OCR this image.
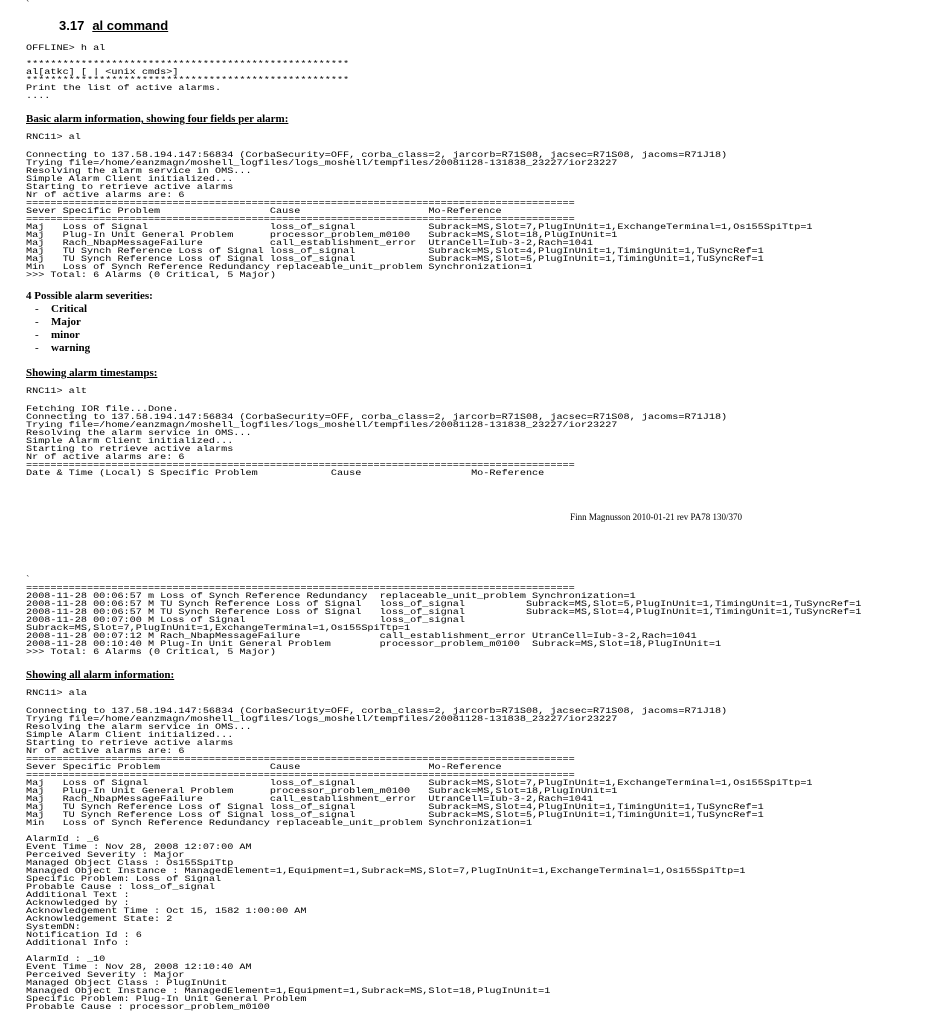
`
3.17 al command
OFFLINE> h al

*****************************************************
al[atkc] [ | <unix cmds>]
*****************************************************
Print the list of active alarms.
....
Basic alarm information, showing four fields per alarm:
RNC11> al
Connecting to 137.58.194.147:56834 (CorbaSecurity=OFF, corba_class=2, jarcorb=R71S08, jacsec=R71S08, jacoms=R71J18)
Trying file=/home/eanzmagn/moshell_logfiles/logs_moshell/tempfiles/20081128-131838_23227/ior23227
Resolving the alarm service in OMS...
Simple Alarm Client initialized...
Starting to retrieve active alarms
Nr of active alarms are: 6
==========================================================================================
Sever Specific Problem                  Cause                     Mo-Reference
==========================================================================================
Maj   Loss of Signal                    loss_of_signal            Subrack=MS,Slot=7,PlugInUnit=1,ExchangeTerminal=1,Os155SpiTtp=1
Maj   Plug-In Unit General Problem      processor_problem_m0100   Subrack=MS,Slot=18,PlugInUnit=1
Maj   Rach_NbapMessageFailure           call_establishment_error  UtranCell=Iub-3-2,Rach=1041
Maj   TU Synch Reference Loss of Signal loss_of_signal            Subrack=MS,Slot=4,PlugInUnit=1,TimingUnit=1,TuSyncRef=1
Maj   TU Synch Reference Loss of Signal loss_of_signal            Subrack=MS,Slot=5,PlugInUnit=1,TimingUnit=1,TuSyncRef=1
Min   Loss of Synch Reference Redundancy replaceable_unit_problem Synchronization=1
>>> Total: 6 Alarms (0 Critical, 5 Major)
4 Possible alarm severities:
- Critical
- Major
- minor
- warning
Showing alarm timestamps:
RNC11> alt
Fetching IOR file...Done.
Connecting to 137.58.194.147:56834 (CorbaSecurity=OFF, corba_class=2, jarcorb=R71S08, jacsec=R71S08, jacoms=R71J18)
Trying file=/home/eanzmagn/moshell_logfiles/logs_moshell/tempfiles/20081128-131838_23227/ior23227
Resolving the alarm service in OMS...
Simple Alarm Client initialized...
Starting to retrieve active alarms
Nr of active alarms are: 6
==========================================================================================
Date & Time (Local) S Specific Problem            Cause                  Mo-Reference
Finn Magnusson 2010-01-21 rev PA78 130/370
`
==========================================================================================
2008-11-28 00:06:57 m Loss of Synch Reference Redundancy  replaceable_unit_problem Synchronization=1
2008-11-28 00:06:57 M TU Synch Reference Loss of Signal   loss_of_signal          Subrack=MS,Slot=5,PlugInUnit=1,TimingUnit=1,TuSyncRef=1
2008-11-28 00:06:57 M TU Synch Reference Loss of Signal   loss_of_signal          Subrack=MS,Slot=4,PlugInUnit=1,TimingUnit=1,TuSyncRef=1
2008-11-28 00:07:00 M Loss of Signal                      loss_of_signal
Subrack=MS,Slot=7,PlugInUnit=1,ExchangeTerminal=1,Os155SpiTtp=1
2008-11-28 00:07:12 M Rach_NbapMessageFailure             call_establishment_error UtranCell=Iub-3-2,Rach=1041
2008-11-28 00:10:40 M Plug-In Unit General Problem        processor_problem_m0100  Subrack=MS,Slot=18,PlugInUnit=1
>>> Total: 6 Alarms (0 Critical, 5 Major)
Showing all alarm information:
RNC11> ala
Connecting to 137.58.194.147:56834 (CorbaSecurity=OFF, corba_class=2, jarcorb=R71S08, jacsec=R71S08, jacoms=R71J18)
Trying file=/home/eanzmagn/moshell_logfiles/logs_moshell/tempfiles/20081128-131838_23227/ior23227
Resolving the alarm service in OMS...
Simple Alarm Client initialized...
Starting to retrieve active alarms
Nr of active alarms are: 6
==========================================================================================
Sever Specific Problem                  Cause                     Mo-Reference
==========================================================================================
Maj   Loss of Signal                    loss_of_signal            Subrack=MS,Slot=7,PlugInUnit=1,ExchangeTerminal=1,Os155SpiTtp=1
Maj   Plug-In Unit General Problem      processor_problem_m0100   Subrack=MS,Slot=18,PlugInUnit=1
Maj   Rach_NbapMessageFailure           call_establishment_error  UtranCell=Iub-3-2,Rach=1041
Maj   TU Synch Reference Loss of Signal loss_of_signal            Subrack=MS,Slot=4,PlugInUnit=1,TimingUnit=1,TuSyncRef=1
Maj   TU Synch Reference Loss of Signal loss_of_signal            Subrack=MS,Slot=5,PlugInUnit=1,TimingUnit=1,TuSyncRef=1
Min   Loss of Synch Reference Redundancy replaceable_unit_problem Synchronization=1
AlarmId : _6
Event Time : Nov 28, 2008 12:07:00 AM
Perceived Severity : Major
Managed Object Class : Os155SpiTtp
Managed Object Instance : ManagedElement=1,Equipment=1,Subrack=MS,Slot=7,PlugInUnit=1,ExchangeTerminal=1,Os155SpiTtp=1
Specific Problem: Loss of Signal
Probable Cause : loss_of_signal
Additional Text :
Acknowledged by :
Acknowledgement Time : Oct 15, 1582 1:00:00 AM
Acknowledgement State: 2
SystemDN:
Notification Id : 6
Additional Info :
AlarmId : _10
Event Time : Nov 28, 2008 12:10:40 AM
Perceived Severity : Major
Managed Object Class : PlugInUnit
Managed Object Instance : ManagedElement=1,Equipment=1,Subrack=MS,Slot=18,PlugInUnit=1
Specific Problem: Plug-In Unit General Problem
Probable Cause : processor_problem_m0100
